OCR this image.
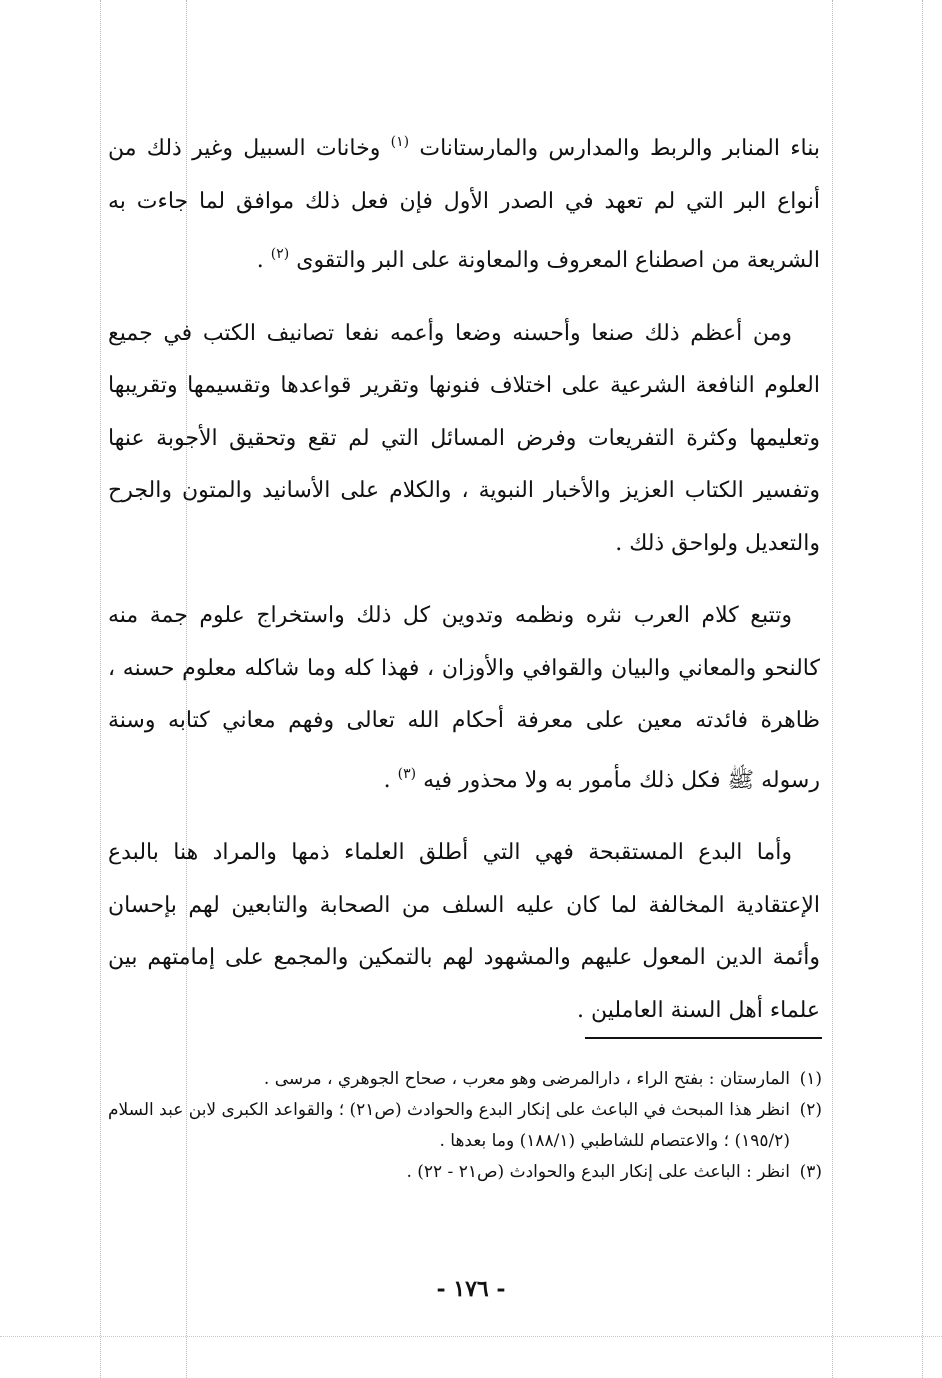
بناء المنابر والربط والمدارس والمارستانات $^{(١)}$ وخانات السبيل وغير ذلك من أنواع البر التي لم تعهد في الصدر الأول فإن فعل ذلك موافق لما جاءت به الشريعة من اصطناع المعروف والمعاونة على البر والتقوى $^{(٢)}$ .

ومن أعظم ذلك صنعا وأحسنه وضعا وأعمه نفعا تصانيف الكتب في جميع العلوم النافعة الشرعية على اختلاف فنونها وتقرير قواعدها وتقسيمها وتقريبها وتعليمها وكثرة التفريعات وفرض المسائل التي لم تقع وتحقيق الأجوبة عنها وتفسير الكتاب العزيز والأخبار النبوية ، والكلام على الأسانيد والمتون والجرح والتعديل ولواحق ذلك .

وتتبع كلام العرب نثره ونظمه وتدوين كل ذلك واستخراج علوم جمة منه كالنحو والمعاني والبيان والقوافي والأوزان ، فهذا كله وما شاكله معلوم حسنه ، ظاهرة فائدته معين على معرفة أحكام الله تعالى وفهم معاني كتابه وسنة رسوله ﷺ فكل ذلك مأمور به ولا محذور فيه $^{(٣)}$ .

وأما البدع المستقبحة فهي التي أطلق العلماء ذمها والمراد هنا بالبدع الإعتقادية المخالفة لما كان عليه السلف من الصحابة والتابعين لهم بإحسان وأئمة الدين المعول عليهم والمشهود لهم بالتمكين والمجمع على إمامتهم بين علماء أهل السنة العاملين .

(١)
المارستان : بفتح الراء ، دارالمرضى وهو معرب ، صحاح الجوهري ، مرسى .
(٢)
انظر هذا المبحث في الباعث على إنكار البدع والحوادث (ص٢١) ؛ والقواعد الكبرى لابن عبد السلام (١٩٥/٢) ؛ والاعتصام للشاطبي (١٨٨/١) وما بعدها .
(٣)
انظر : الباعث على إنكار البدع والحوادث (ص٢١ - ٢٢) .
- ١٧٦ -
